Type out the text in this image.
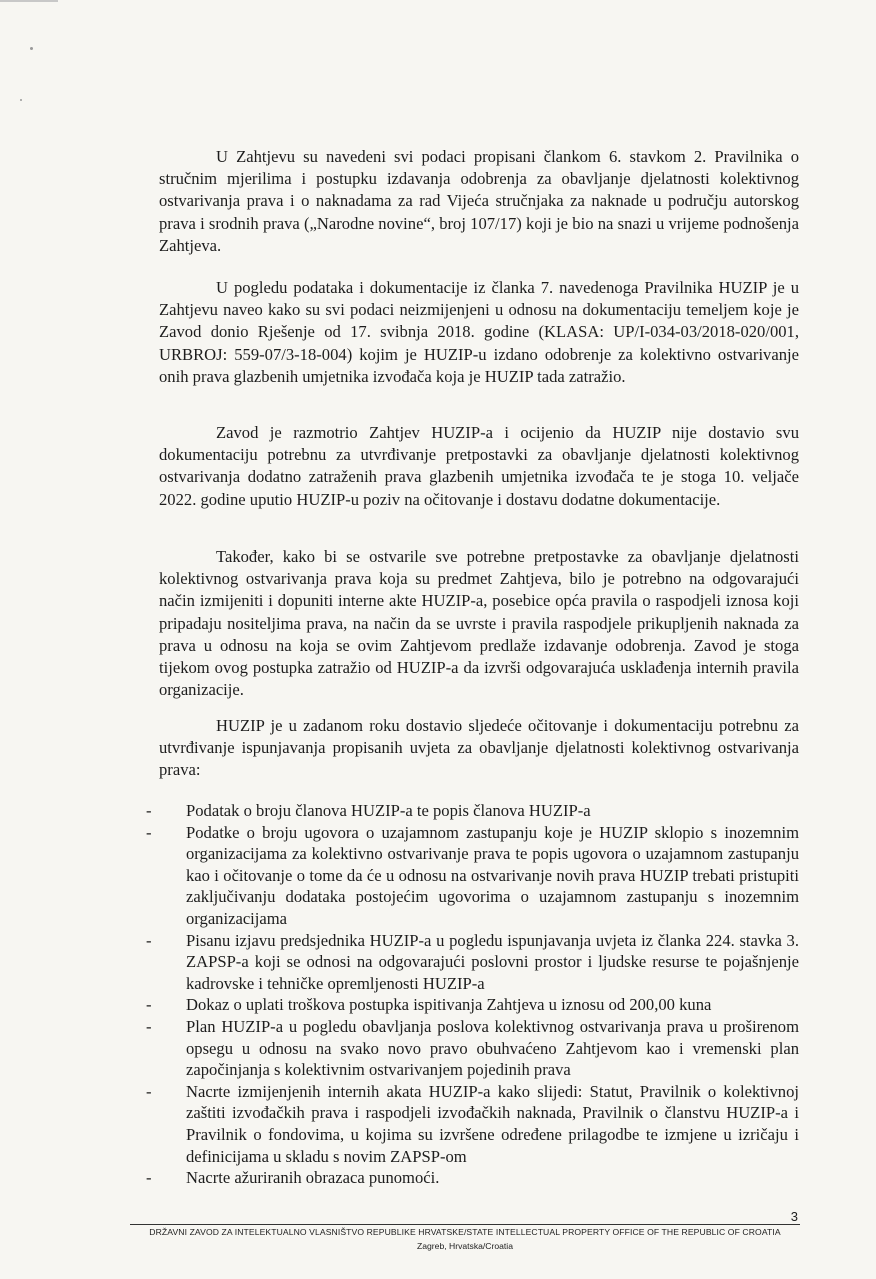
U Zahtjevu su navedeni svi podaci propisani člankom 6. stavkom 2. Pravilnika o stručnim mjerilima i postupku izdavanja odobrenja za obavljanje djelatnosti kolektivnog ostvarivanja prava i o naknadama za rad Vijeća stručnjaka za naknade u području autorskog prava i srodnih prava („Narodne novine“, broj 107/17) koji je bio na snazi u vrijeme podnošenja Zahtjeva.

U pogledu podataka i dokumentacije iz članka 7. navedenoga Pravilnika HUZIP je u Zahtjevu naveo kako su svi podaci neizmijenjeni u odnosu na dokumentaciju temeljem koje je Zavod donio Rješenje od 17. svibnja 2018. godine (KLASA: UP/I-034-03/2018-020/001, URBROJ: 559-07/3-18-004) kojim je HUZIP-u izdano odobrenje za kolektivno ostvarivanje onih prava glazbenih umjetnika izvođača koja je HUZIP tada zatražio.

Zavod je razmotrio Zahtjev HUZIP-a i ocijenio da HUZIP nije dostavio svu dokumentaciju potrebnu za utvrđivanje pretpostavki za obavljanje djelatnosti kolektivnog ostvarivanja dodatno zatraženih prava glazbenih umjetnika izvođača te je stoga 10. veljače 2022. godine uputio HUZIP-u poziv na očitovanje i dostavu dodatne dokumentacije.

Također, kako bi se ostvarile sve potrebne pretpostavke za obavljanje djelatnosti kolektivnog ostvarivanja prava koja su predmet Zahtjeva, bilo je potrebno na odgovarajući način izmijeniti i dopuniti interne akte HUZIP-a, posebice opća pravila o raspodjeli iznosa koji pripadaju nositeljima prava, na način da se uvrste i pravila raspodjele prikupljenih naknada za prava u odnosu na koja se ovim Zahtjevom predlaže izdavanje odobrenja. Zavod je stoga tijekom ovog postupka zatražio od HUZIP-a da izvrši odgovarajuća usklađenja internih pravila organizacije.

HUZIP je u zadanom roku dostavio sljedeće očitovanje i dokumentaciju potrebnu za utvrđivanje ispunjavanja propisanih uvjeta za obavljanje djelatnosti kolektivnog ostvarivanja prava:

- Podatak o broju članova HUZIP-a te popis članova HUZIP-a
- Podatke o broju ugovora o uzajamnom zastupanju koje je HUZIP sklopio s inozemnim organizacijama za kolektivno ostvarivanje prava te popis ugovora o uzajamnom zastupanju kao i očitovanje o tome da će u odnosu na ostvarivanje novih prava HUZIP trebati pristupiti zaključivanju dodataka postojećim ugovorima o uzajamnom zastupanju s inozemnim organizacijama
- Pisanu izjavu predsjednika HUZIP-a u pogledu ispunjavanja uvjeta iz članka 224. stavka 3. ZAPSP-a koji se odnosi na odgovarajući poslovni prostor i ljudske resurse te pojašnjenje kadrovske i tehničke opremljenosti HUZIP-a
- Dokaz o uplati troškova postupka ispitivanja Zahtjeva u iznosu od 200,00 kuna
- Plan HUZIP-a u pogledu obavljanja poslova kolektivnog ostvarivanja prava u proširenom opsegu u odnosu na svako novo pravo obuhvaćeno Zahtjevom kao i vremenski plan započinjanja s kolektivnim ostvarivanjem pojedinih prava
- Nacrte izmijenjenih internih akata HUZIP-a kako slijedi: Statut, Pravilnik o kolektivnoj zaštiti izvođačkih prava i raspodjeli izvođačkih naknada, Pravilnik o članstvu HUZIP-a i Pravilnik o fondovima, u kojima su izvršene određene prilagodbe te izmjene u izričaju i definicijama u skladu s novim ZAPSP-om
- Nacrte ažuriranih obrazaca punomoći.
3
DRŽAVNI ZAVOD ZA INTELEKTUALNO VLASNIŠTVO REPUBLIKE HRVATSKE/STATE INTELLECTUAL PROPERTY OFFICE OF THE REPUBLIC OF CROATIA
Zagreb, Hrvatska/Croatia
